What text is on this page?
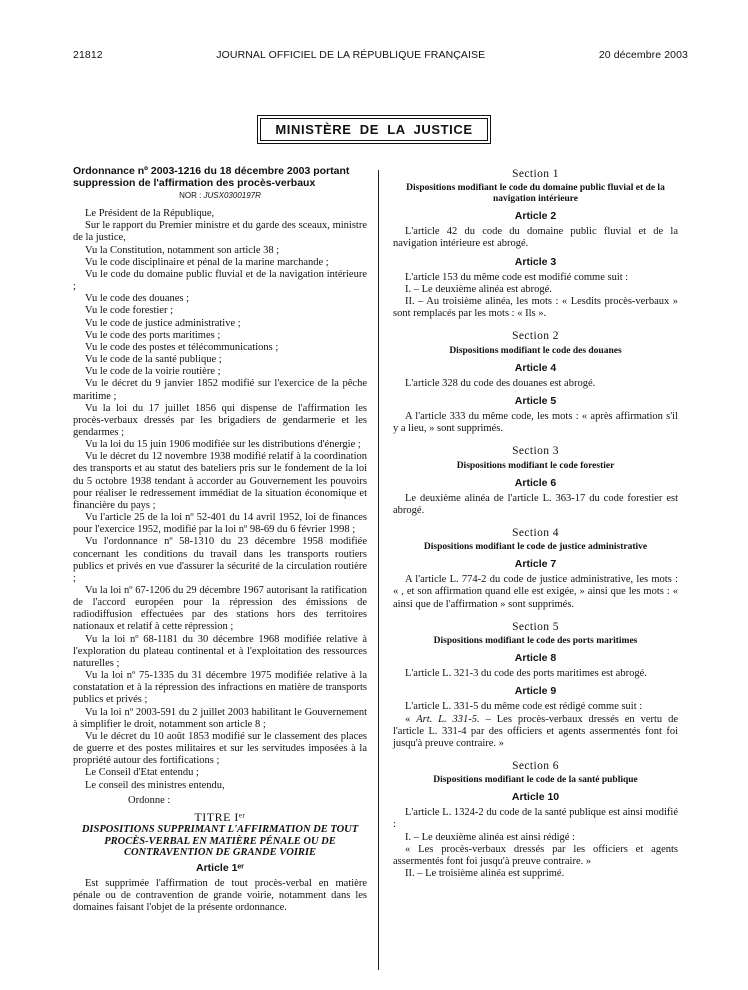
21812	JOURNAL OFFICIEL DE LA RÉPUBLIQUE FRANÇAISE	20 décembre 2003
MINISTÈRE DE LA JUSTICE

Ordonnance nº 2003-1216 du 18 décembre 2003 portant suppression de l'affirmation des procès-verbaux

NOR : JUSX0300197R

Le Président de la République,

Sur le rapport du Premier ministre et du garde des sceaux, ministre de la justice,

Vu la Constitution, notamment son article 38 ;

Vu le code disciplinaire et pénal de la marine marchande ;

Vu le code du domaine public fluvial et de la navigation intérieure ;

Vu le code des douanes ;

Vu le code forestier ;

Vu le code de justice administrative ;

Vu le code des ports maritimes ;

Vu le code des postes et télécommunications ;

Vu le code de la santé publique ;

Vu le code de la voirie routière ;

Vu le décret du 9 janvier 1852 modifié sur l'exercice de la pêche maritime ;

Vu la loi du 17 juillet 1856 qui dispense de l'affirmation les procès-verbaux dressés par les brigadiers de gendarmerie et les gendarmes ;

Vu la loi du 15 juin 1906 modifiée sur les distributions d'énergie ;

Vu le décret du 12 novembre 1938 modifié relatif à la coordination des transports et au statut des bateliers pris sur le fondement de la loi du 5 octobre 1938 tendant à accorder au Gouvernement les pouvoirs pour réaliser le redressement immédiat de la situation économique et financière du pays ;

Vu l'article 25 de la loi nº 52-401 du 14 avril 1952, loi de finances pour l'exercice 1952, modifié par la loi nº 98-69 du 6 février 1998 ;

Vu l'ordonnance nº 58-1310 du 23 décembre 1958 modifiée concernant les conditions du travail dans les transports routiers publics et privés en vue d'assurer la sécurité de la circulation routière ;

Vu la loi nº 67-1206 du 29 décembre 1967 autorisant la ratification de l'accord européen pour la répression des émissions de radiodiffusion effectuées par des stations hors des territoires nationaux et relatif à cette répression ;

Vu la loi nº 68-1181 du 30 décembre 1968 modifiée relative à l'exploration du plateau continental et à l'exploitation des ressources naturelles ;

Vu la loi nº 75-1335 du 31 décembre 1975 modifiée relative à la constatation et à la répression des infractions en matière de transports publics et privés ;

Vu la loi nº 2003-591 du 2 juillet 2003 habilitant le Gouvernement à simplifier le droit, notamment son article 8 ;

Vu le décret du 10 août 1853 modifié sur le classement des places de guerre et des postes militaires et sur les servitudes imposées à la propriété autour des fortifications ;

Le Conseil d'Etat entendu ;

Le conseil des ministres entendu,

Ordonne :

TITRE Iᵉʳ

DISPOSITIONS SUPPRIMANT L'AFFIRMATION DE TOUT PROCÈS-VERBAL EN MATIÈRE PÉNALE OU DE CONTRAVENTION DE GRANDE VOIRIE

Article 1ᵉʳ

Est supprimée l'affirmation de tout procès-verbal en matière pénale ou de contravention de grande voirie, notamment dans les domaines faisant l'objet de la présente ordonnance.

Section 1

Dispositions modifiant le code du domaine public fluvial et de la navigation intérieure

Article 2

L'article 42 du code du domaine public fluvial et de la navigation intérieure est abrogé.

Article 3

L'article 153 du même code est modifié comme suit :

I. – Le deuxième alinéa est abrogé.

II. – Au troisième alinéa, les mots : « Lesdits procès-verbaux » sont remplacés par les mots : « Ils ».

Section 2

Dispositions modifiant le code des douanes

Article 4

L'article 328 du code des douanes est abrogé.

Article 5

A l'article 333 du même code, les mots : « après affirmation s'il y a lieu, » sont supprimés.

Section 3

Dispositions modifiant le code forestier

Article 6

Le deuxième alinéa de l'article L. 363-17 du code forestier est abrogé.

Section 4

Dispositions modifiant le code de justice administrative

Article 7

A l'article L. 774-2 du code de justice administrative, les mots : « , et son affirmation quand elle est exigée, » ainsi que les mots : « ainsi que de l'affirmation » sont supprimés.

Section 5

Dispositions modifiant le code des ports maritimes

Article 8

L'article L. 321-3 du code des ports maritimes est abrogé.

Article 9

L'article L. 331-5 du même code est rédigé comme suit :

« Art. L. 331-5. – Les procès-verbaux dressés en vertu de l'article L. 331-4 par des officiers et agents assermentés font foi jusqu'à preuve contraire. »

Section 6

Dispositions modifiant le code de la santé publique

Article 10

L'article L. 1324-2 du code de la santé publique est ainsi modifié :

I. – Le deuxième alinéa est ainsi rédigé :

« Les procès-verbaux dressés par les officiers et agents assermentés font foi jusqu'à preuve contraire. »

II. – Le troisième alinéa est supprimé.
